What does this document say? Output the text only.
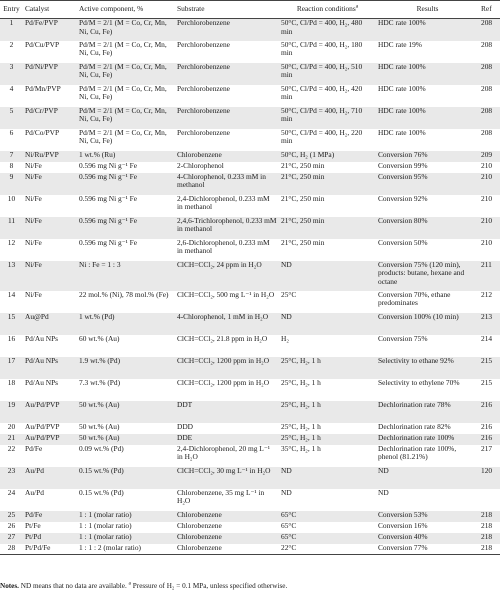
Entry	Catalyst	Active component, %	Substrate	Reaction conditions$^a$	Results	Ref
1	Pd/Fe/PVP	Pd/M = 2/1 (M = Co, Cr, Mn, Ni, Cu, Fe)	Perchlorobenzene	50°C, Cl/Pd = 400, H₂, 480 min	HDC rate 100%	208
2	Pd/Cu/PVP	Pd/M = 2/1 (M = Co, Cr, Mn, Ni, Cu, Fe)	Perchlorobenzene	50°C, Cl/Pd = 400, H₂, 180 min	HDC rate 19%	208
3	Pd/Ni/PVP	Pd/M = 2/1 (M = Co, Cr, Mn, Ni, Cu, Fe)	Perchlorobenzene	50°C, Cl/Pd = 400, H₂, 510 min	HDC rate 100%	208
4	Pd/Mn/PVP	Pd/M = 2/1 (M = Co, Cr, Mn, Ni, Cu, Fe)	Perchlorobenzene	50°C, Cl/Pd = 400, H₂, 420 min	HDC rate 100%	208
5	Pd/Cr/PVP	Pd/M = 2/1 (M = Co, Cr, Mn, Ni, Cu, Fe)	Perchlorobenzene	50°C, Cl/Pd = 400, H₂, 710 min	HDC rate 100%	208
6	Pd/Co/PVP	Pd/M = 2/1 (M = Co, Cr, Mn, Ni, Cu, Fe)	Perchlorobenzene	50°C, Cl/Pd = 400, H₂, 220 min	HDC rate 100%	208
7	Ni/Ru/PVP	1 wt.% (Ru)	Chlorobenzene	50°C, H₂ (1 MPa)	Conversion 76%	209
8	Ni/Fe	0.596 mg Ni g⁻¹ Fe	2-Chlorophenol	21°C, 250 min	Conversion 99%	210
9	Ni/Fe	0.596 mg Ni g⁻¹ Fe	4-Chlorophenol, 0.233 mM in methanol	21°C, 250 min	Conversion 95%	210
10	Ni/Fe	0.596 mg Ni g⁻¹ Fe	2,4-Dichlorophenol, 0.233 mM in methanol	21°C, 250 min	Conversion 92%	210
11	Ni/Fe	0.596 mg Ni g⁻¹ Fe	2,4,6-Trichlorophenol, 0.233 mM in methanol	21°C, 250 min	Conversion 80%	210
12	Ni/Fe	0.596 mg Ni g⁻¹ Fe	2,6-Dichlorophenol, 0.233 mM in methanol	21°C, 250 min	Conversion 50%	210
13	Ni/Fe	Ni : Fe = 1 : 3	ClCH=CCl₂, 24 ppm in H₂O	ND	Conversion 75% (120 min), products: butane, hexane and octane	211
14	Ni/Fe	22 mol.% (Ni), 78 mol.% (Fe)	ClCH=CCl₂, 500 mg L⁻¹ in H₂O	25°C	Conversion 70%, ethane predominates	212
15	Au@Pd	1 wt.% (Pd)	4-Chlorophenol, 1 mM in H₂O	ND	Conversion 100% (10 min)	213
16	Pd/Au NPs	60 wt.% (Au)	ClCH=CCl₂, 21.8 ppm in H₂O	H₂	Conversion 75%	214
17	Pd/Au NPs	1.9 wt.% (Pd)	ClCH=CCl₂, 1200 ppm in H₂O	25°C, H₂, 1 h	Selectivity to ethane 92%	215
18	Pd/Au NPs	7.3 wt.% (Pd)	ClCH=CCl₂, 1200 ppm in H₂O	25°C, H₂, 1 h	Selectivity to ethylene 70%	215
19	Au/Pd/PVP	50 wt.% (Au)	DDT	25°C, H₂, 1 h	Dechlorination rate 78%	216
20	Au/Pd/PVP	50 wt.% (Au)	DDD	25°C, H₂, 1 h	Dechlorination rate 82%	216
21	Au/Pd/PVP	50 wt.% (Au)	DDE	25°C, H₂, 1 h	Dechlorination rate 100%	216
22	Pd/Fe	0.09 wt.% (Pd)	2,4-Dichlorophenol, 20 mg L⁻¹ in H₂O	35°C, H₂, 1 h	Dechlorination rate 100%, phenol (81.21%)	217
23	Au/Pd	0.15 wt.% (Pd)	ClCH=CCl₂, 30 mg L⁻¹ in H₂O	ND	ND	120
24	Au/Pd	0.15 wt.% (Pd)	Chlorobenzene, 35 mg L⁻¹ in H₂O	ND	ND	
25	Pd/Fe	1 : 1 (molar ratio)	Chlorobenzene	65°C	Conversion 53%	218
26	Pt/Fe	1 : 1 (molar ratio)	Chlorobenzene	65°C	Conversion 16%	218
27	Pt/Pd	1 : 1 (molar ratio)	Chlorobenzene	65°C	Conversion 40%	218
28	Pt/Pd/Fe	1 : 1 : 2 (molar ratio)	Chlorobenzene	22°C	Conversion 77%	218
Notes. ND means that no data are available. $^a$ Pressure of H₂ = 0.1 MPa, unless specified otherwise.
